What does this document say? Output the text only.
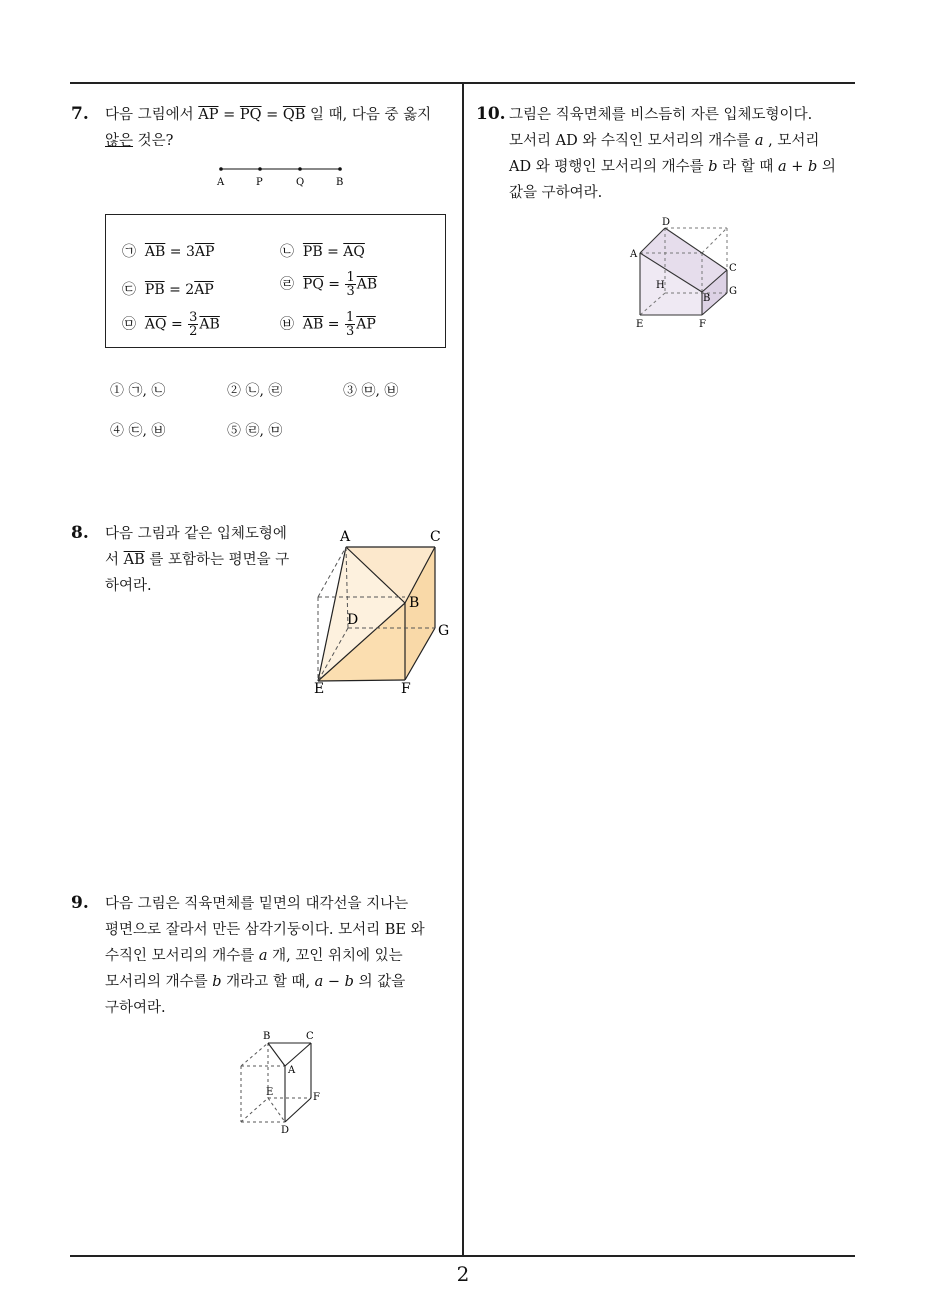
2
7. 다음 그림에서 $\overline{AP} = \overline{PQ} = \overline{QB}$ 일 때, 다음 중 옳지
않은 것은?
A	P	Q	B
㉠ $\overline{AB} = 3\overline{AP}$	㉡ $\overline{PB} = \overline{AQ}$
㉢ $\overline{PB} = 2\overline{AP}$	㉣ $\overline{PQ} = \frac{1}{3} \overline{AB}$
㉤ $\overline{AQ} = \frac{3}{2} \overline{AB}$	㉥ $\overline{AB} = \frac{1}{3} \overline{AP}$
① ㉠, ㉡	② ㉡, ㉣	③ ㉤, ㉥
④ ㉢, ㉥	⑤ ㉣, ㉤
8. 다음 그림과 같은 입체도형에
서 $\overline{AB}$ 를 포함하는 평면을 구
하여라.
A	C
B
D
G
E	F
9. 다음 그림은 직육면체를 밑면의 대각선을 지나는
평면으로 잘라서 만든 삼각기둥이다. 모서리 BE 와
수직인 모서리의 개수를 a 개, 꼬인 위치에 있는
모서리의 개수를 b 개라고 할 때, a − b 의 값을
구하여라.
B	C
A
E	F
D
10. 그림은 직육면체를 비스듬히 자른 입체도형이다.
모서리 AD 와 수직인 모서리의 개수를 a , 모서리
AD 와 평행인 모서리의 개수를 b 라 할 때 a + b 의
값을 구하여라.
D
A
C
H
B
G
E	F
